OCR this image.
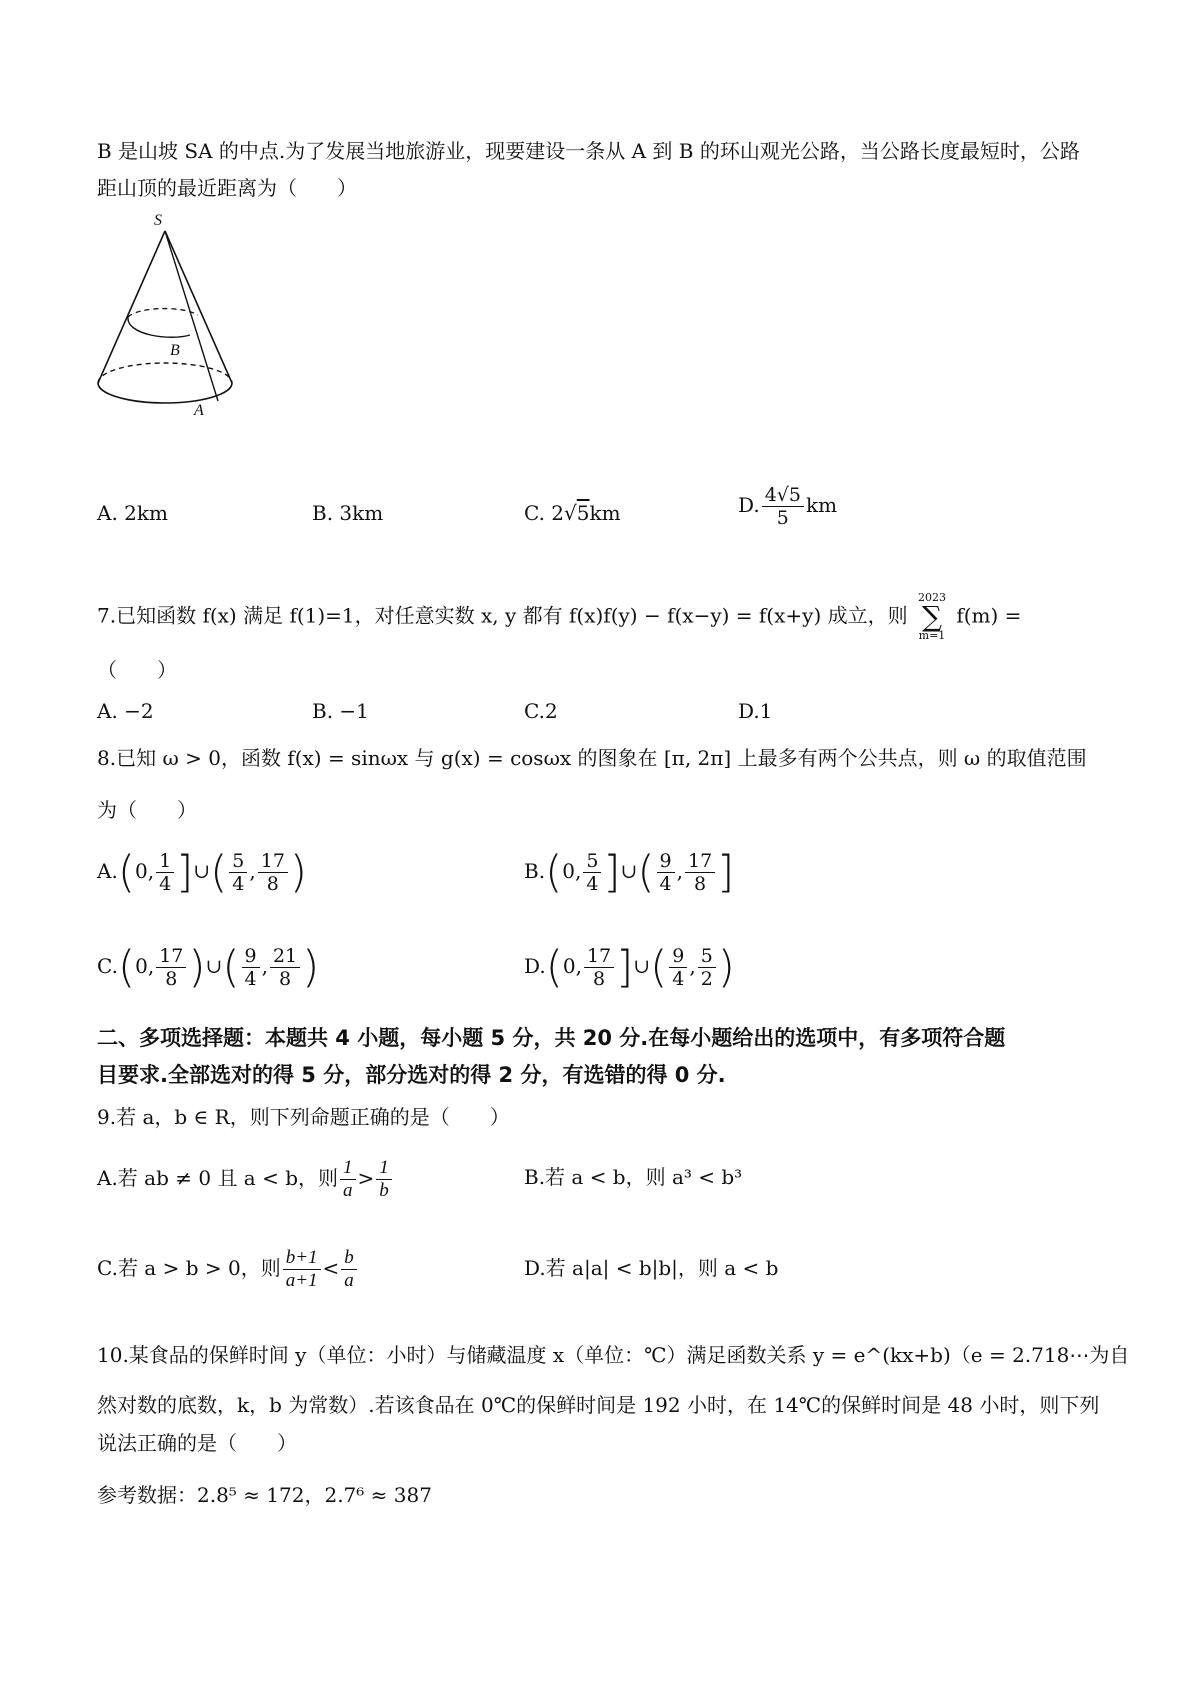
B 是山坡 SA 的中点.为了发展当地旅游业，现要建设一条从 A 到 B 的环山观光公路，当公路长度最短时，公路
距山顶的最近距离为（　　）
S
B
A
A. 2km	B. 3km	C. 2√5km	D. $\frac{4√5}{5}$ km
7.已知函数 f(x) 满足 f(1)=1，对任意实数 x, y 都有 f(x)f(y) − f(x−y) = f(x+y) 成立，则
2023
∑
m=1
f(m) =
（　　）
A. −2	B. −1	C.2	D.1
8.已知 ω > 0，函数 f(x) = sinωx 与 g(x) = cosωx 的图象在 [π, 2π] 上最多有两个公共点，则 ω 的取值范围
为（　　）
A.(0, $\frac{1}{4}$ ]∪( $\frac{5}{4}$ , $\frac{17}{8}$ )	B.(0, $\frac{5}{4}$ ]∪( $\frac{9}{4}$ , $\frac{17}{8}$ ]
C.(0, $\frac{17}{8}$ )∪( $\frac{9}{4}$ , $\frac{21}{8}$ )	D.(0, $\frac{17}{8}$ ]∪( $\frac{9}{4}$ , $\frac{5}{2}$ )
二、多项选择题：本题共 4 小题，每小题 5 分，共 20 分.在每小题给出的选项中，有多项符合题
目要求.全部选对的得 5 分，部分选对的得 2 分，有选错的得 0 分.
9.若 a，b ∈ R，则下列命题正确的是（　　）
A.若 ab ≠ 0 且 a < b，则 $\frac{1}{a} > \frac{1}{b}$	B.若 a < b，则 a³ < b³
C.若 a > b > 0，则 $\frac{b+1}{a+1} < \frac{b}{a}$	D.若 a|a| < b|b|，则 a < b
10.某食品的保鲜时间 y（单位：小时）与储藏温度 x（单位：℃）满足函数关系 y = e^(kx+b)（e = 2.718⋯为自
然对数的底数，k，b 为常数）.若该食品在 0℃的保鲜时间是 192 小时，在 14℃的保鲜时间是 48 小时，则下列
说法正确的是（　　）
参考数据：2.8⁵ ≈ 172，2.7⁶ ≈ 387
